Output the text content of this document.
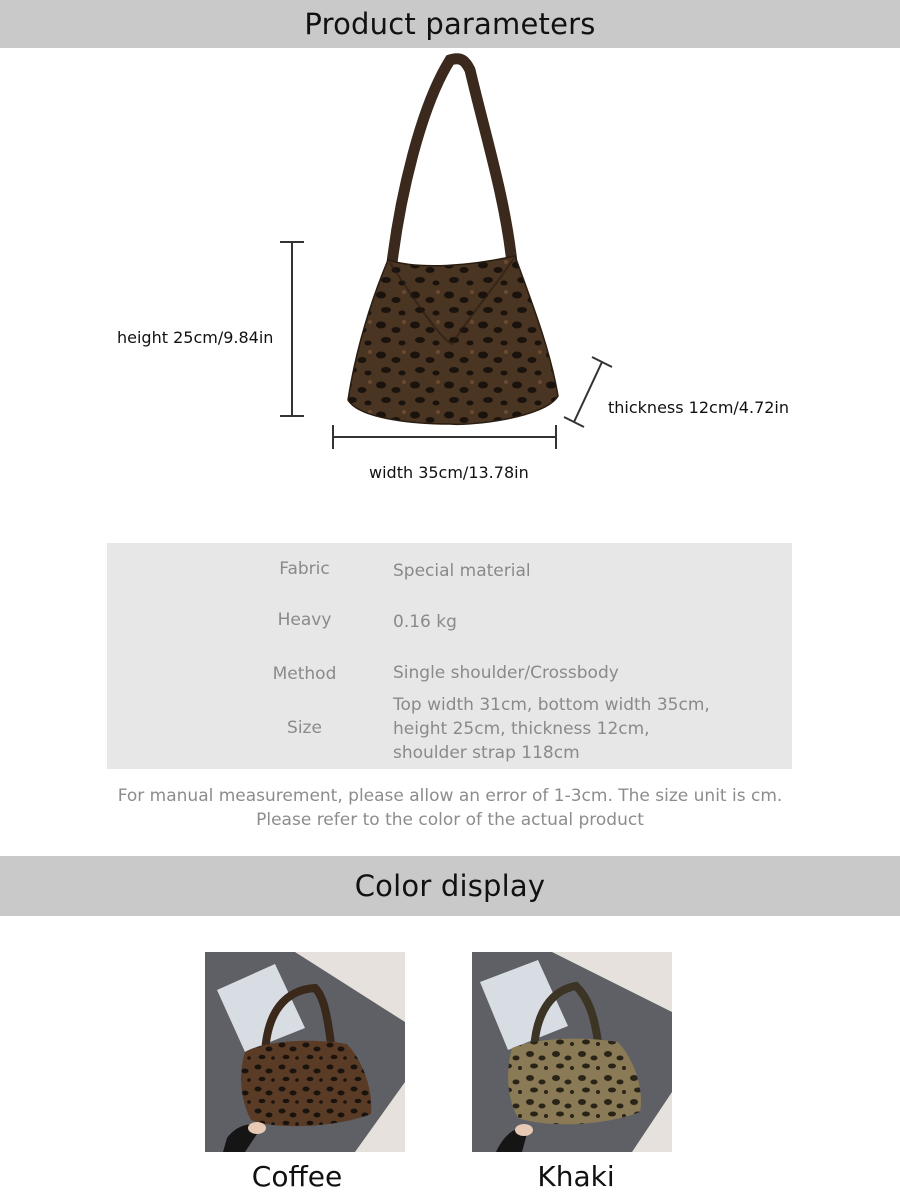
Product parameters
height 25cm/9.84in
width 35cm/13.78in
thickness 12cm/4.72in
Fabric	Special material
Heavy	0.16 kg
Method	Single shoulder/Crossbody
Size
Top width 31cm, bottom width 35cm,
height 25cm, thickness 12cm,
shoulder strap 118cm
For manual measurement, please allow an error of 1-3cm. The size unit is cm.
Please refer to the color of the actual product
Color display
Coffee	Khaki
